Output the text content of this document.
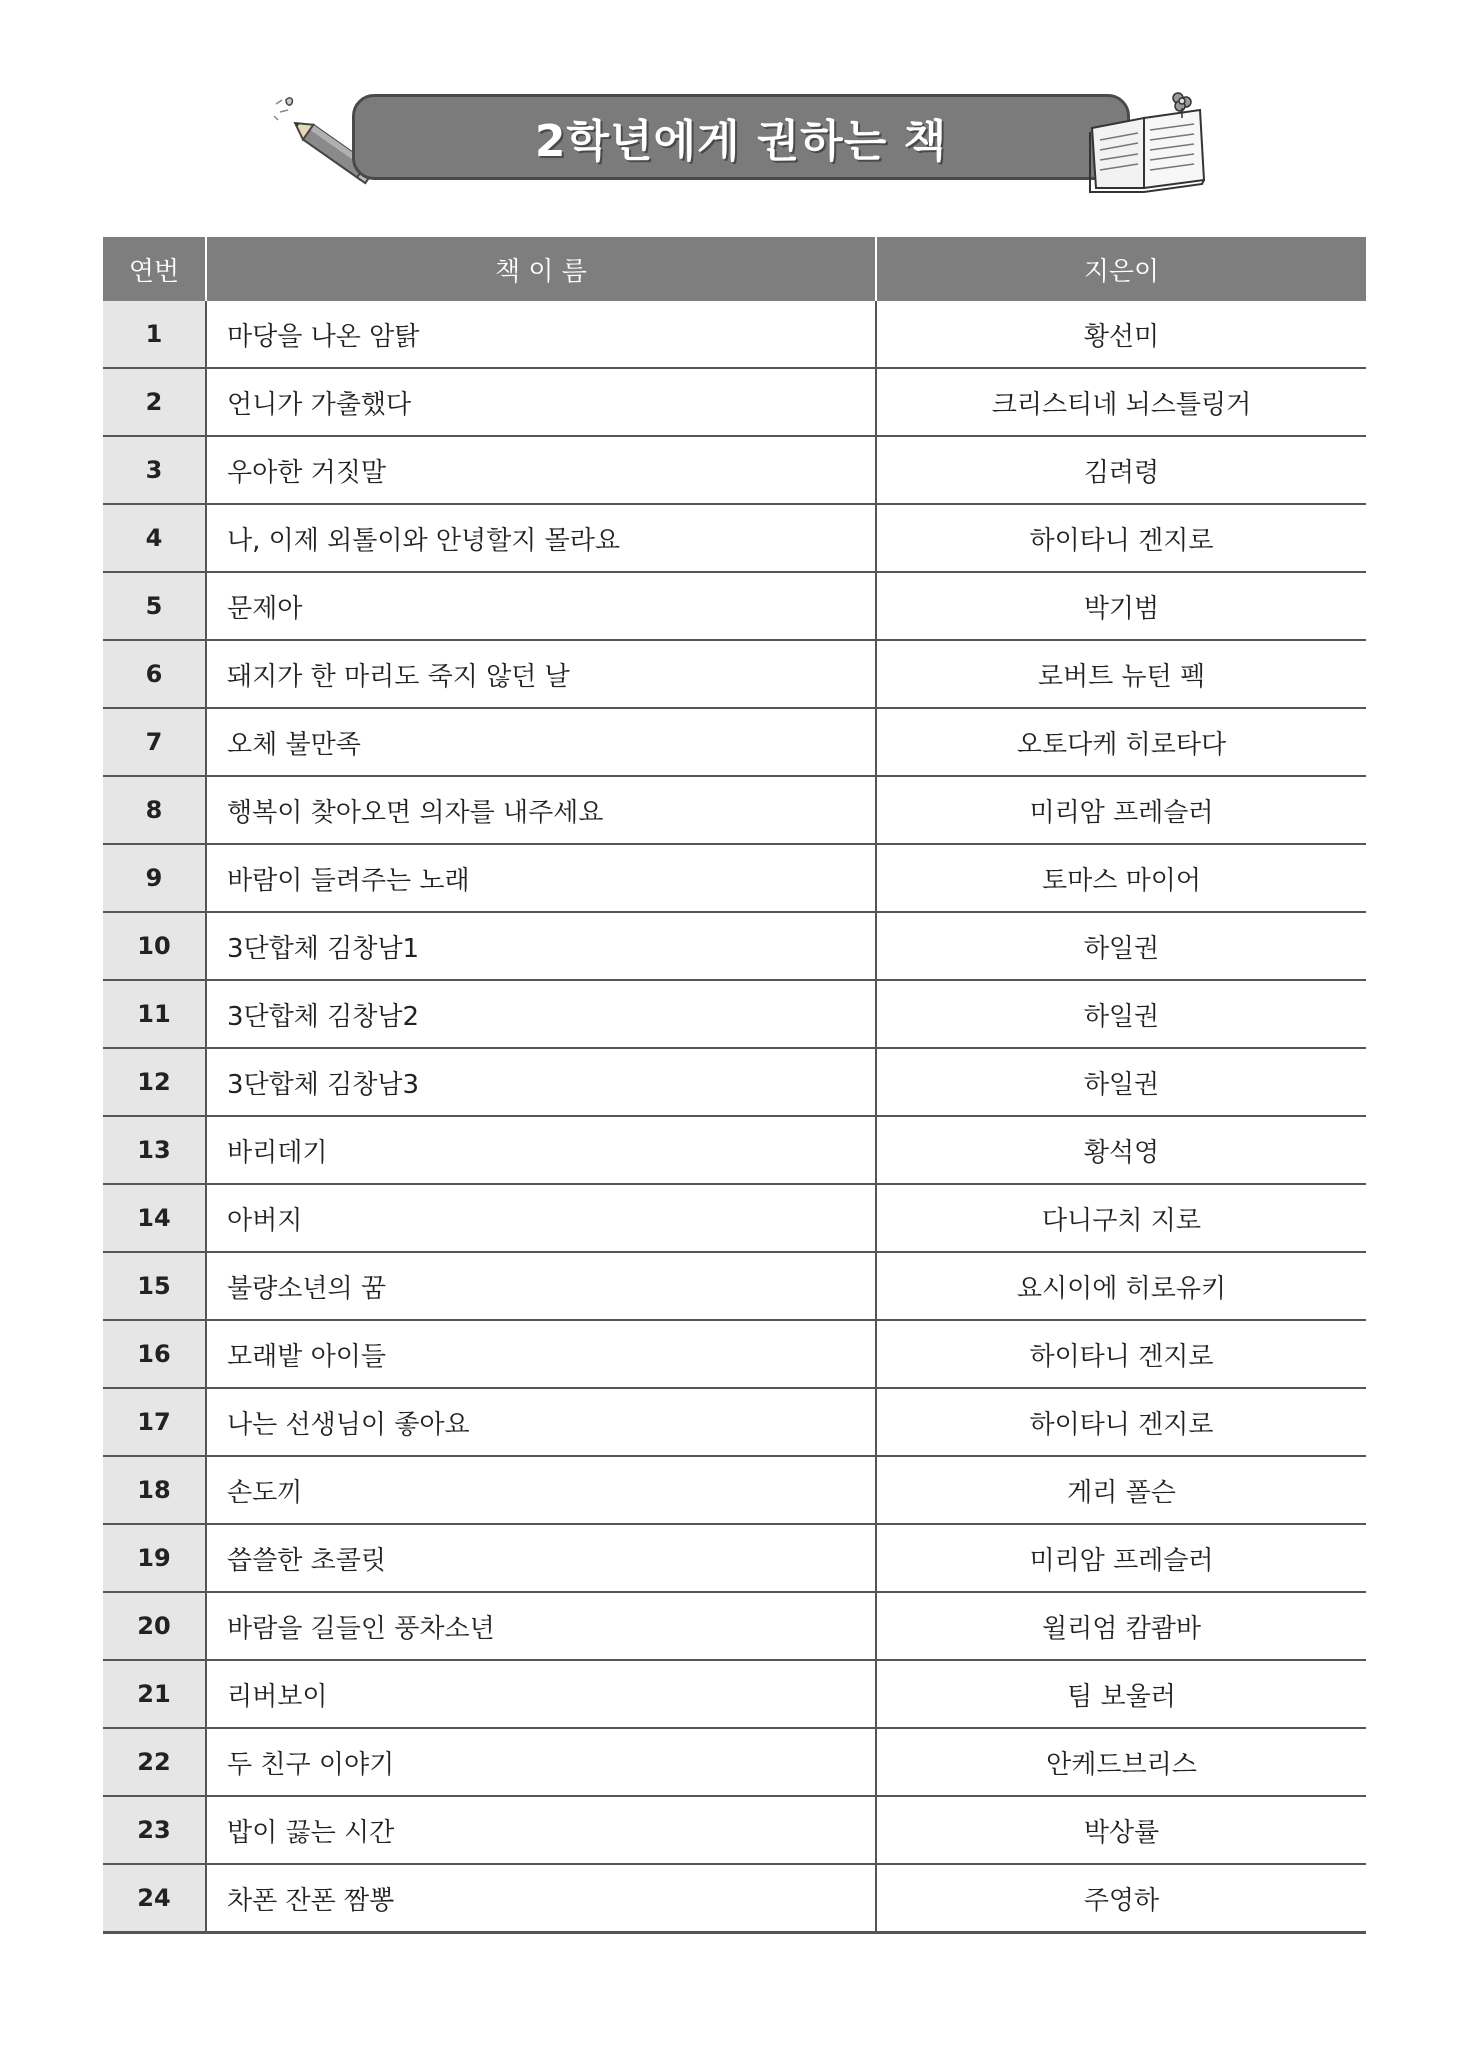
2학년에게 권하는 책
연번	책 이 름	지은이
1	마당을 나온 암탉	황선미
2	언니가 가출했다	크리스티네 뇌스틀링거
3	우아한 거짓말	김려령
4	나, 이제 외톨이와 안녕할지 몰라요	하이타니 겐지로
5	문제아	박기범
6	돼지가 한 마리도 죽지 않던 날	로버트 뉴턴 펙
7	오체 불만족	오토다케 히로타다
8	행복이 찾아오면 의자를 내주세요	미리암 프레슬러
9	바람이 들려주는 노래	토마스 마이어
10	3단합체 김창남1	하일권
11	3단합체 김창남2	하일권
12	3단합체 김창남3	하일권
13	바리데기	황석영
14	아버지	다니구치 지로
15	불량소년의 꿈	요시이에 히로유키
16	모래밭 아이들	하이타니 겐지로
17	나는 선생님이 좋아요	하이타니 겐지로
18	손도끼	게리 폴슨
19	씁쓸한 초콜릿	미리암 프레슬러
20	바람을 길들인 풍차소년	윌리엄 캄쾀바
21	리버보이	팀 보울러
22	두 친구 이야기	안케드브리스
23	밥이 끓는 시간	박상률
24	차폰 잔폰 짬뽕	주영하
